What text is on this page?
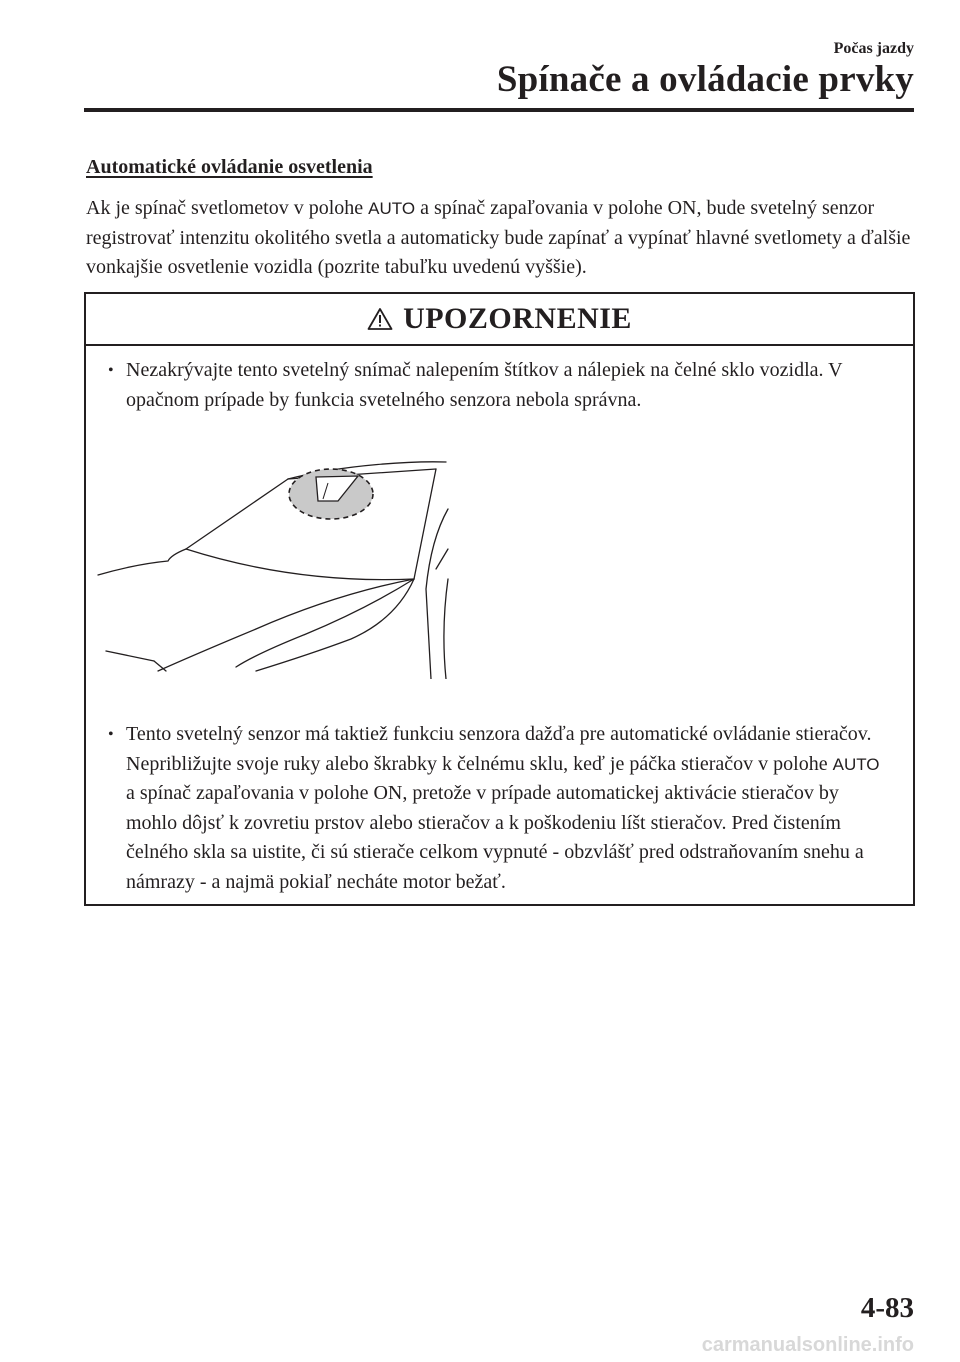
Počas jazdy
Spínače a ovládacie prvky
Automatické ovládanie osvetlenia

Ak je spínač svetlometov v polohe AUTO a spínač zapaľovania v polohe ON, bude svetelný senzor registrovať intenzitu okolitého svetla a automaticky bude zapínať a vypínať hlavné svetlomety a ďalšie vonkajšie osvetlenie vozidla (pozrite tabuľku uvedenú vyššie).

UPOZORNENIE
• Nezakrývajte tento svetelný snímač nalepením štítkov a nálepiek na čelné sklo vozidla. V opačnom prípade by funkcia svetelného senzora nebola správna.
• Tento svetelný senzor má taktiež funkciu senzora dažďa pre automatické ovládanie stieračov. Nepribližujte svoje ruky alebo škrabky k čelnému sklu, keď je páčka stieračov v polohe AUTO a spínač zapaľovania v polohe ON, pretože v prípade automatickej aktivácie stieračov by mohlo dôjsť k zovretiu prstov alebo stieračov a k poškodeniu líšt stieračov. Pred čistením čelného skla sa uistite, či sú stierače celkom vypnuté - obzvlášť pred odstraňovaním snehu a námrazy - a najmä pokiaľ necháte motor bežať.
4-83
carmanualsonline.info
